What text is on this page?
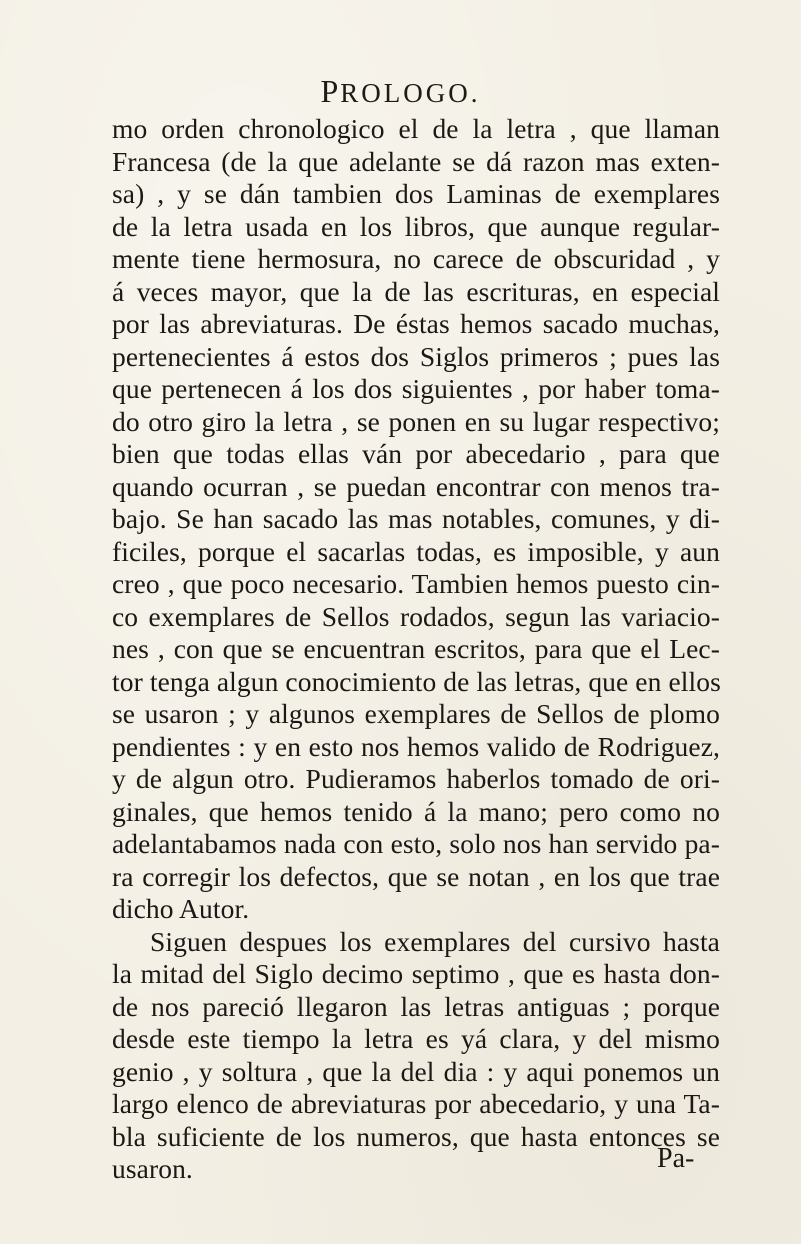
PROLOGO.
mo orden chronologico el de la letra , que llaman
Francesa (de la que adelante se dá razon mas exten-
sa) , y se dán tambien dos Laminas de exemplares
de la letra usada en los libros, que aunque regular-
mente tiene hermosura, no carece de obscuridad , y
á veces mayor, que la de las escrituras, en especial
por las abreviaturas. De éstas hemos sacado muchas,
pertenecientes á estos dos Siglos primeros ; pues las
que pertenecen á los dos siguientes , por haber toma-
do otro giro la letra , se ponen en su lugar respectivo;
bien que todas ellas ván por abecedario , para que
quando ocurran , se puedan encontrar con menos tra-
bajo. Se han sacado las mas notables, comunes, y di-
ficiles, porque el sacarlas todas, es imposible, y aun
creo , que poco necesario. Tambien hemos puesto cin-
co exemplares de Sellos rodados, segun las variacio-
nes , con que se encuentran escritos, para que el Lec-
tor tenga algun conocimiento de las letras, que en ellos
se usaron ; y algunos exemplares de Sellos de plomo
pendientes : y en esto nos hemos valido de Rodriguez,
y de algun otro. Pudieramos haberlos tomado de ori-
ginales, que hemos tenido á la mano; pero como no
adelantabamos nada con esto, solo nos han servido pa-
ra corregir los defectos, que se notan , en los que trae
dicho Autor.
Siguen despues los exemplares del cursivo hasta
la mitad del Siglo decimo septimo , que es hasta don-
de nos pareció llegaron las letras antiguas ; porque
desde este tiempo la letra es yá clara, y del mismo
genio , y soltura , que la del dia : y aqui ponemos un
largo elenco de abreviaturas por abecedario, y una Ta-
bla suficiente de los numeros, que hasta entonces se
usaron.	Pa-
